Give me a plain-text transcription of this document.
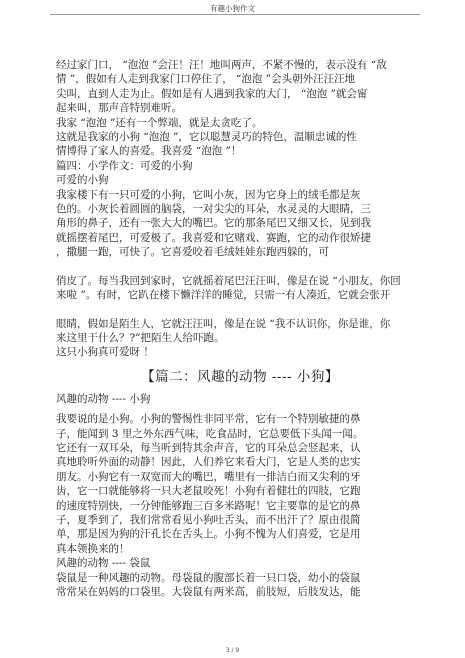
有趣小狗作文

经过家门口， “泡泡 ”会汪！汪！地叫两声，不紧不慢的，表示没有 “敌

情 ”，假如有人走到我家门口停住了， “泡泡 ”会头朝外汪汪汪地

尖叫，直到人走为止。假如是有人遇到我家的大门， “泡泡 ”就会甯

起来叫，那声音特别难听。

我家 “泡泡 ”还有一个弊端，就是太贪吃了。

这就是我家的小狗 “泡泡 ”，它以聪慧灵巧的特色，温顺忠诚的性

情博得了家人的喜爱。我喜爱 “泡泡 ”！

篇四：小学作文：可爱的小狗

可爱的小狗

我家楼下有一只可爱的小狗，它叫小灰，因为它身上的绒毛都是灰

色的。小灰长着圆圆的脑袋，一对尖尖的耳朵，水灵灵的大眼睛，三

角形的鼻子，还有一张大大的嘴巴。它的那条尾巴又细又长，见到我

就摇摆着尾巴，可爱极了。我喜爱和它赌戏、赛跑，它的动作很矫捷

，撒腿一跑，可快了。它喜爱咬着毛绒娃娃东跑西躲的，可

俏皮了。每当我回到家时，它就摇着尾巴汪汪叫，像是在说 “小朋友，你回

来啦 ”。有时，它趴在楼下懒洋洋的睡觉，只需一有人凑近，它就会张开

眼睛，假如是陌生人，它就汪汪叫，像是在说 “我不认识你，你是谁，你

来这里干什么？?”把陌生人给吓跑。

这只小狗真可爱呀 ！

【篇二：风趣的动物 ---- 小狗】

风趣的动物 ---- 小狗

我要说的是小狗。小狗的警惕性非同平常，它有一个特别敏捷的鼻

子，能闻到 3 里之外东西气味，吃食品时，它总要低下头闻一闻。

它还有一双耳朵，每当听到特其余声音，它的耳朵总会竖起来，认

真地聆听外面的动静！因此，人们养它来看大门，它是人类的忠实

朋友。小狗它有一双宽而大的嘴巴，嘴里有一排洁白而又尖利的牙

齿，它一口就能够将一只大老鼠咬死！小狗有着健壮的四肢，它跑

的速度特别快，一分钟能够跑三百多米路呢！它主要靠的是它的鼻

子，夏季到了，我们常常看见小狗吐舌头，而不出汗了？原由很简

单，那是因为狗的汗孔长在舌头上。小狗不愧为人们喜爱，它是用

真本领换来的！

风趣的动物 ---- 袋鼠

袋鼠是一种风趣的动物。母袋鼠的腹部长着一只口袋，幼小的袋鼠

常常呆在妈妈的口袋里。大袋鼠有两米高，前肢短，后肢发达，能

3 / 9
